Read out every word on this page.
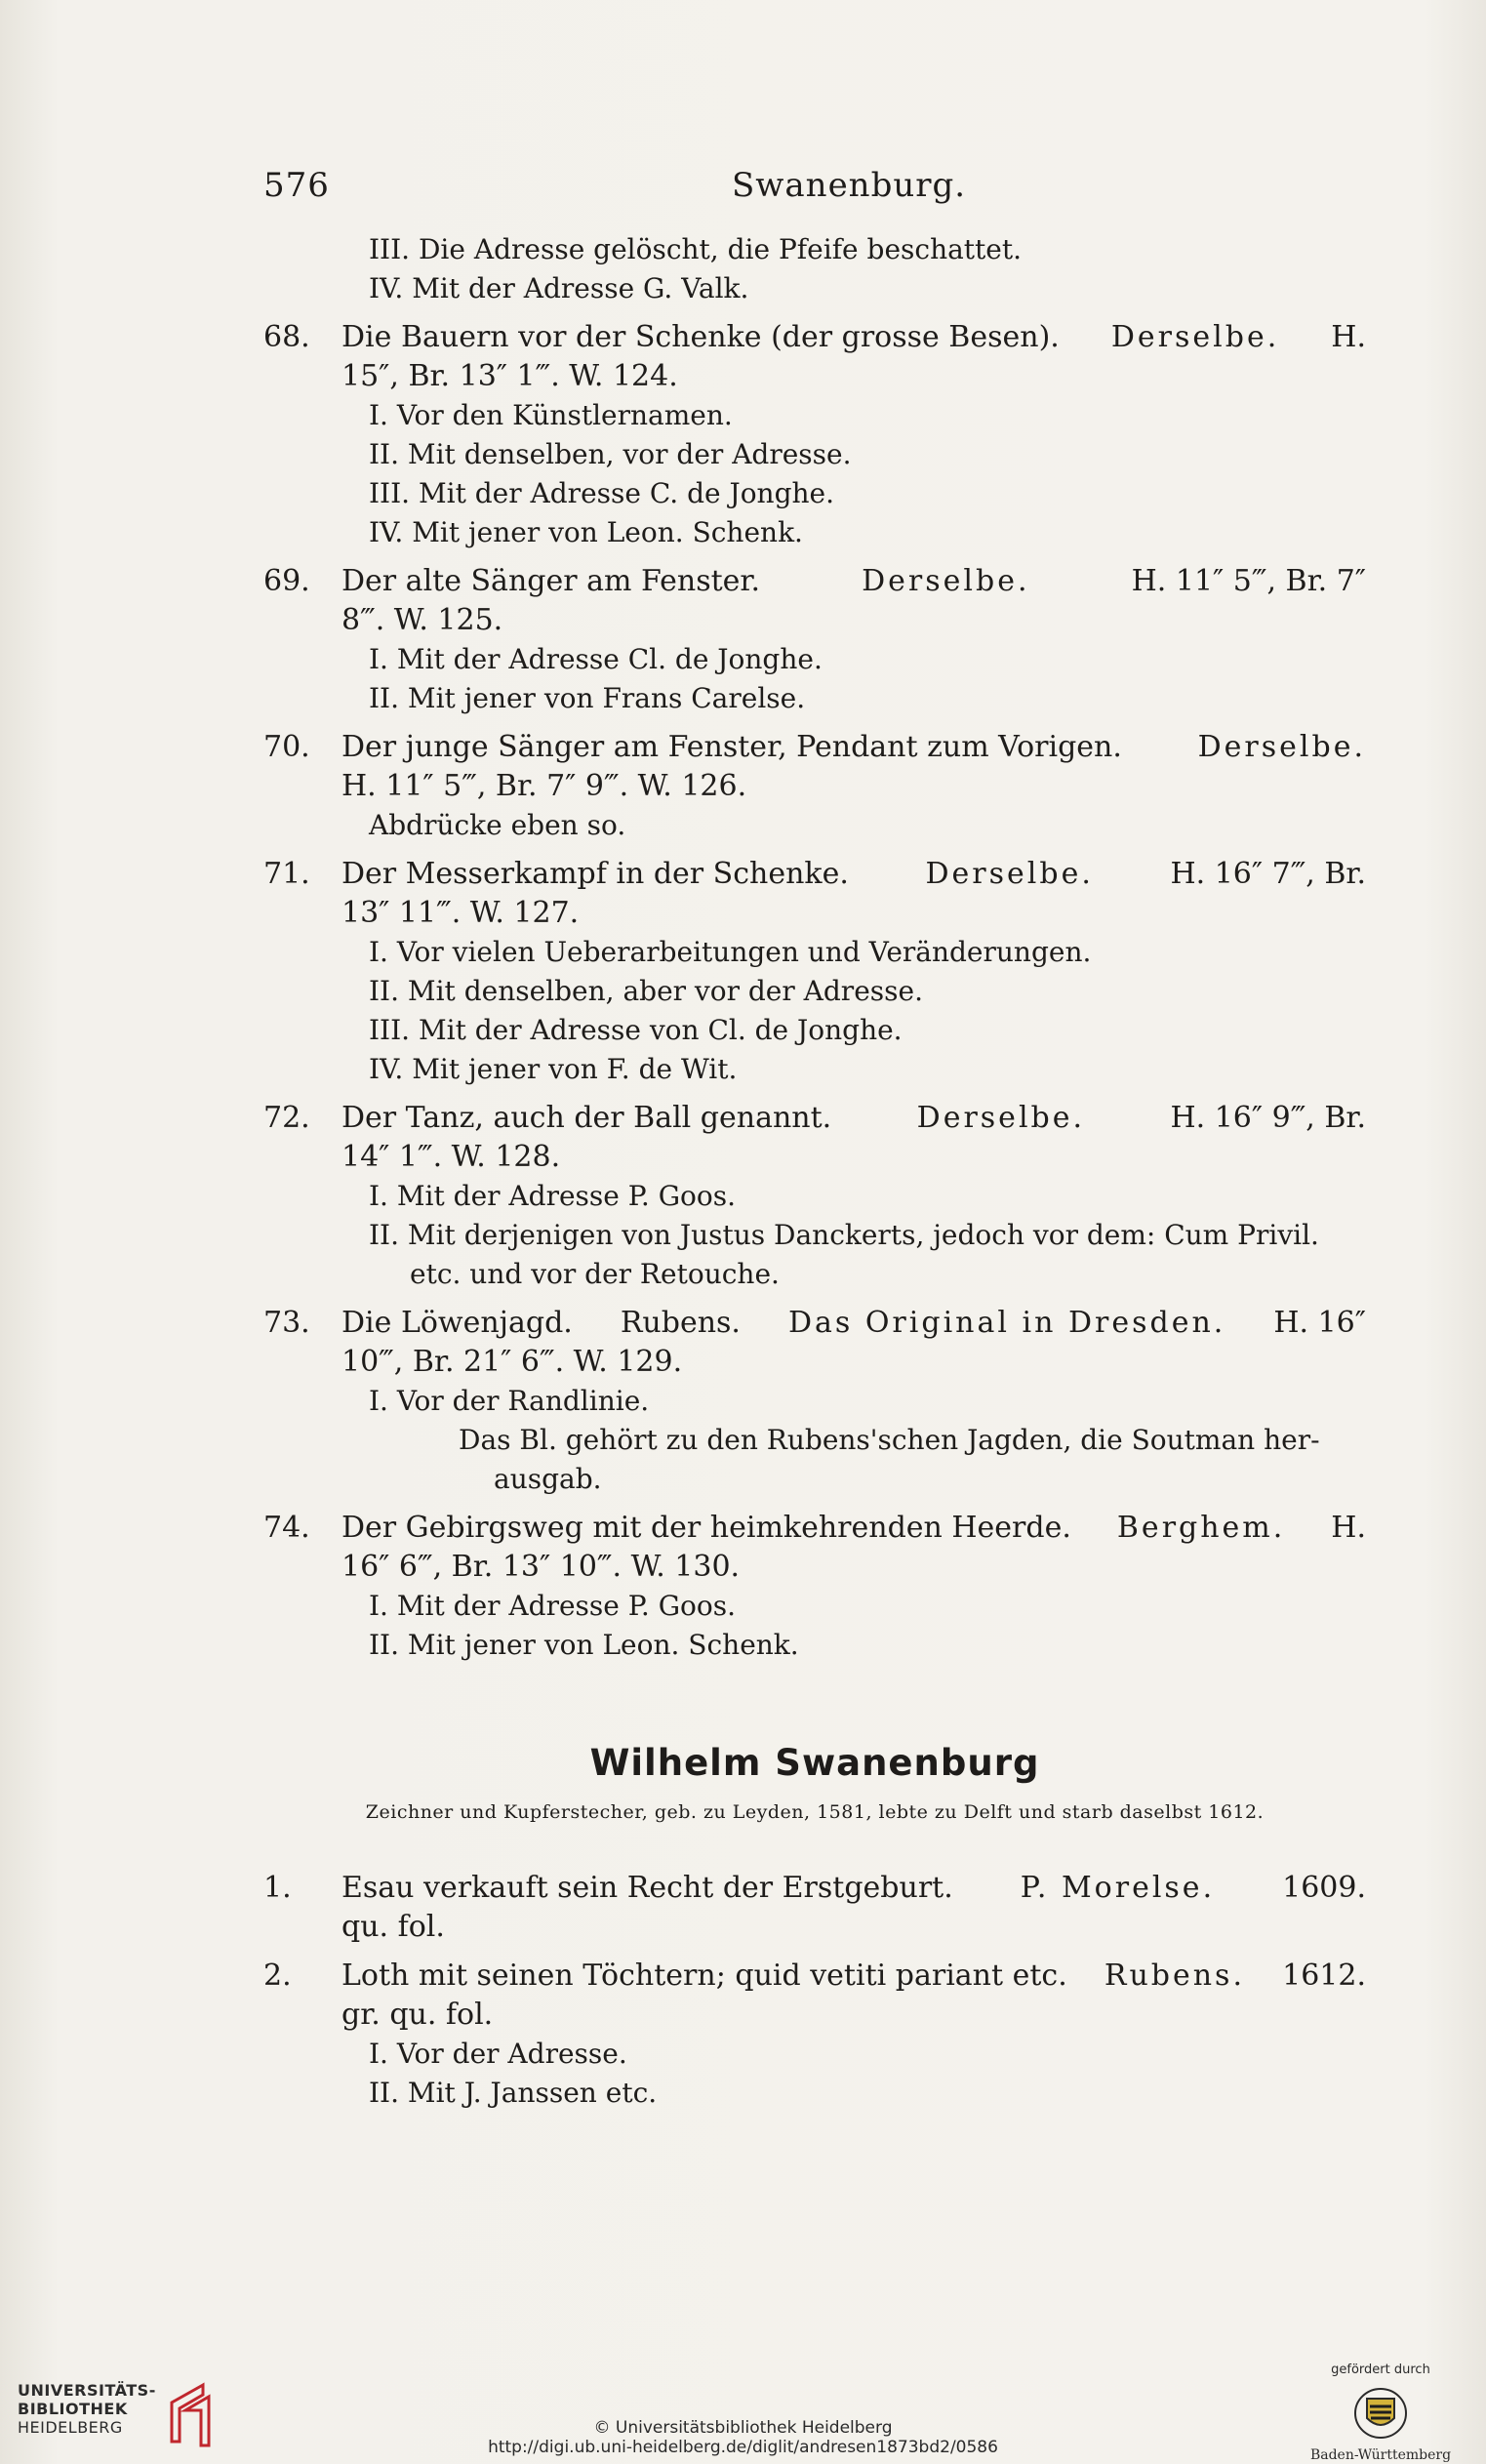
576	Swanenburg.
III. Die Adresse gelöscht, die Pfeife beschattet.
IV. Mit der Adresse G. Valk.
68.	Die Bauern vor der Schenke (der grosse Besen). Derselbe. H.
15″, Br. 13″ 1‴. W. 124.
I. Vor den Künstlernamen.
II. Mit denselben, vor der Adresse.
III. Mit der Adresse C. de Jonghe.
IV. Mit jener von Leon. Schenk.
69.	Der alte Sänger am Fenster.	Derselbe.	H. 11″ 5‴, Br. 7″
8‴. W. 125.
I. Mit der Adresse Cl. de Jonghe.
II. Mit jener von Frans Carelse.
70.	Der junge Sänger am Fenster, Pendant zum Vorigen.	Derselbe.
H. 11″ 5‴, Br. 7″ 9‴. W. 126.
Abdrücke eben so.
71.	Der Messerkampf in der Schenke.	Derselbe.	H. 16″ 7‴, Br.
13″ 11‴. W. 127.
I. Vor vielen Ueberarbeitungen und Veränderungen.
II. Mit denselben, aber vor der Adresse.
III. Mit der Adresse von Cl. de Jonghe.
IV. Mit jener von F. de Wit.
72.	Der Tanz, auch der Ball genannt.	Derselbe.	H. 16″ 9‴, Br.
14″ 1‴. W. 128.
I. Mit der Adresse P. Goos.
II. Mit derjenigen von Justus Danckerts, jedoch vor dem: Cum Privil.
etc. und vor der Retouche.
73.	Die Löwenjagd. Rubens. Das Original in Dresden. H. 16″
10‴, Br. 21″ 6‴. W. 129.
I. Vor der Randlinie.
Das Bl. gehört zu den Rubens'schen Jagden, die Soutman her-
ausgab.
74.	Der Gebirgsweg mit der heimkehrenden Heerde. Berghem. H.
16″ 6‴, Br. 13″ 10‴. W. 130.
I. Mit der Adresse P. Goos.
II. Mit jener von Leon. Schenk.
Wilhelm Swanenburg
Zeichner und Kupferstecher, geb. zu Leyden, 1581, lebte zu Delft und starb daselbst 1612.
1.	Esau verkauft sein Recht der Erstgeburt. P. Morelse. 1609.
qu. fol.
2.	Loth mit seinen Töchtern; quid vetiti pariant etc. Rubens. 1612.
gr. qu. fol.
I. Vor der Adresse.
II. Mit J. Janssen etc.
UNIVERSITÄTS-
BIBLIOTHEK
HEIDELBERG	© Universitätsbibliothek Heidelberg
http://digi.ub.uni-heidelberg.de/diglit/andresen1873bd2/0586
gefördert durch
Baden-Württemberg
